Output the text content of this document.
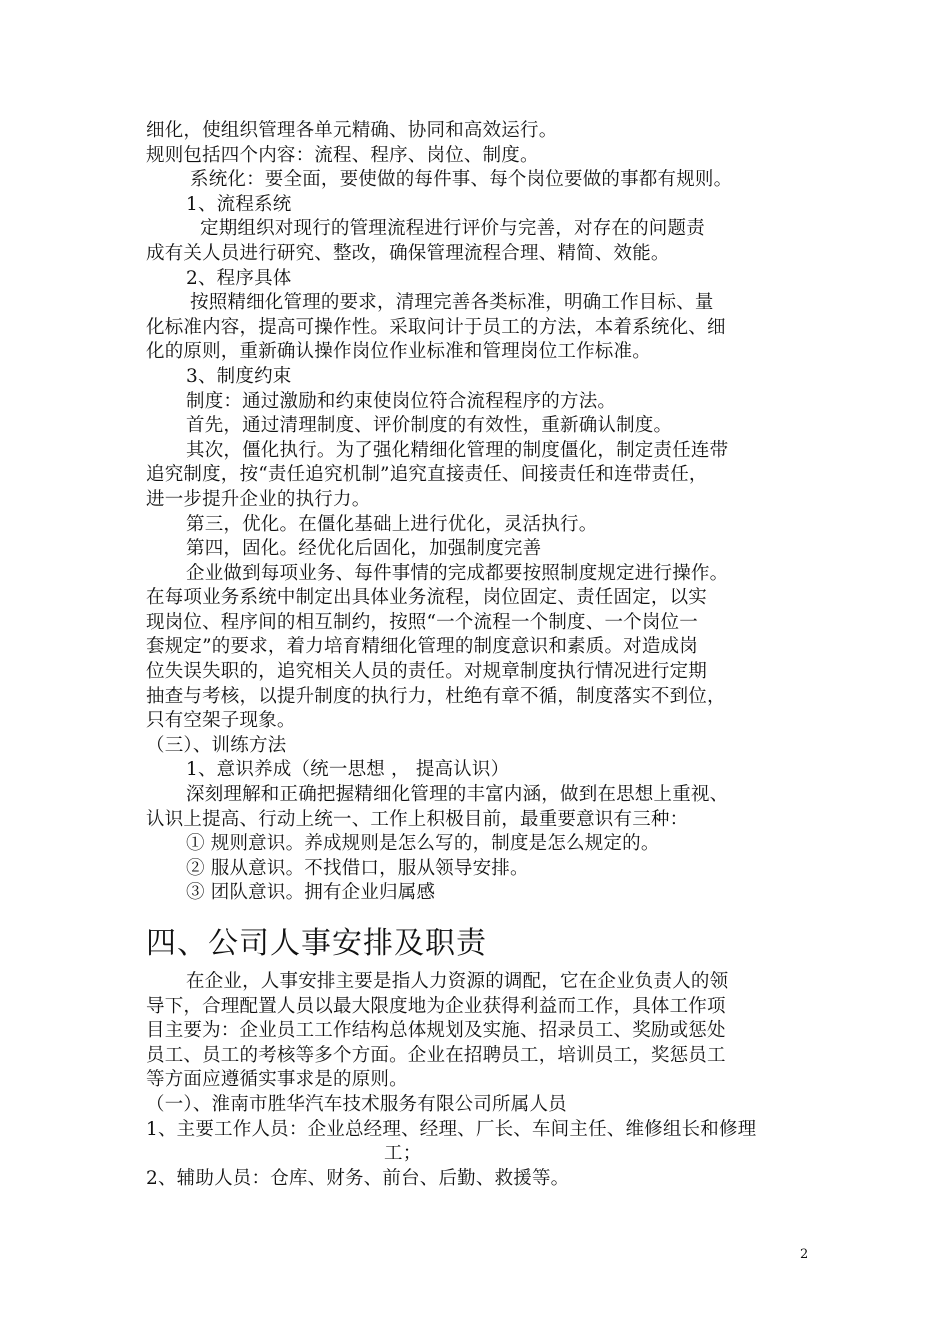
细化，使组织管理各单元精确、协同和高效运行。
规则包括四个内容：流程、程序、岗位、制度。
系统化：要全面，要使做的每件事、每个岗位要做的事都有规则。
1、流程系统
定期组织对现行的管理流程进行评价与完善，对存在的问题责
成有关人员进行研究、整改，确保管理流程合理、精简、效能。
2、程序具体
按照精细化管理的要求，清理完善各类标准，明确工作目标、量
化标准内容，提高可操作性。采取问计于员工的方法，本着系统化、细
化的原则，重新确认操作岗位作业标准和管理岗位工作标准。
3、制度约束
制度：通过激励和约束使岗位符合流程程序的方法。
首先，通过清理制度、评价制度的有效性，重新确认制度。
其次，僵化执行。为了强化精细化管理的制度僵化，制定责任连带
追究制度，按“责任追究机制”追究直接责任、间接责任和连带责任，
进一步提升企业的执行力。
第三，优化。在僵化基础上进行优化，灵活执行。
第四，固化。经优化后固化，加强制度完善
企业做到每项业务、每件事情的完成都要按照制度规定进行操作。
在每项业务系统中制定出具体业务流程，岗位固定、责任固定，以实
现岗位、程序间的相互制约，按照“一个流程一个制度、一个岗位一
套规定”的要求，着力培育精细化管理的制度意识和素质。对造成岗
位失误失职的，追究相关人员的责任。对规章制度执行情况进行定期
抽查与考核，以提升制度的执行力，杜绝有章不循，制度落实不到位，
只有空架子现象。
（三）、训练方法
1、意识养成（统一思想 ， 提高认识）
深刻理解和正确把握精细化管理的丰富内涵，做到在思想上重视、
认识上提高、行动上统一、工作上积极目前，最重要意识有三种：
① 规则意识。养成规则是怎么写的，制度是怎么规定的。
② 服从意识。不找借口，服从领导安排。
③ 团队意识。拥有企业归属感
四、公司人事安排及职责
在企业，人事安排主要是指人力资源的调配，它在企业负责人的领
导下，合理配置人员以最大限度地为企业获得利益而工作，具体工作项
目主要为：企业员工工作结构总体规划及实施、招录员工、奖励或惩处
员工、员工的考核等多个方面。企业在招聘员工，培训员工，奖惩员工
等方面应遵循实事求是的原则。
（一）、淮南市胜华汽车技术服务有限公司所属人员
1、主要工作人员：企业总经理、经理、厂长、车间主任、维修组长和修理
工；
2、辅助人员：仓库、财务、前台、后勤、救援等。
2
